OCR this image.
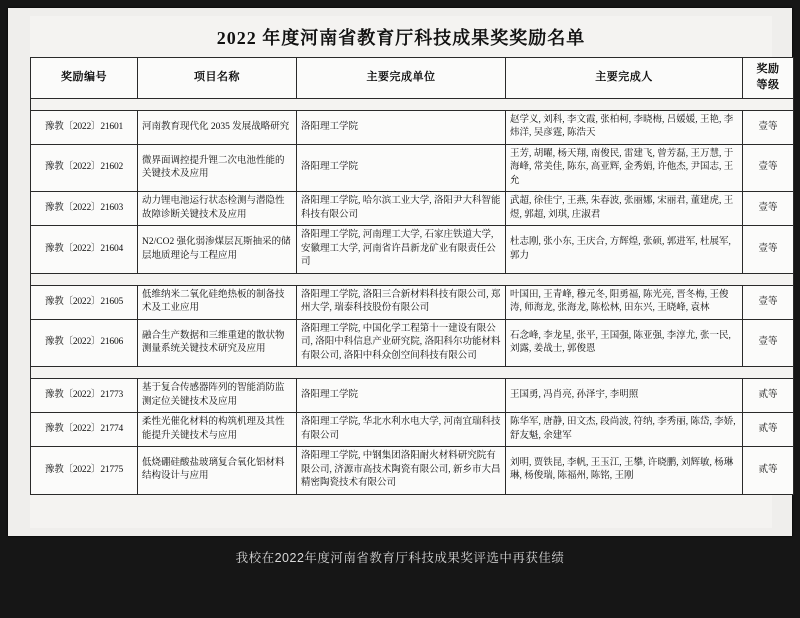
2022 年度河南省教育厅科技成果奖奖励名单
奖励编号	项目名称	主要完成单位	主要完成人	奖励
等级

豫教〔2022〕21601	河南教育现代化 2035 发展战略研究	洛阳理工学院	赵学义, 刘科, 李文霞, 张柏柯, 李晓梅, 吕媛媛, 王艳, 李炜洋, 吴彦霆, 陈浩天	壹等
豫教〔2022〕21602	微界面调控提升锂二次电池性能的关键技术及应用	洛阳理工学院	王芳, 胡曜, 杨天翔, 南俊民, 雷建飞, 曾芳磊, 王万慧, 于海峰, 常美佳, 陈东, 高亚辉, 金秀娟, 许他杰, 尹国志, 王允	壹等
豫教〔2022〕21603	动力锂电池运行状态检测与潜隐性故障诊断关键技术及应用	洛阳理工学院, 哈尔滨工业大学, 洛阳尹大科智能科技有限公司	武超, 徐佳宁, 王燕, 朱春波, 张丽娜, 宋丽君, 董建虎, 王煜, 郭超, 刘琪, 庄淑君	壹等
豫教〔2022〕21604	N2/CO2 强化弱渗煤层瓦斯抽采的储层地质理论与工程应用	洛阳理工学院, 河南理工大学, 石家庄铁道大学, 安徽理工大学, 河南省许昌新龙矿业有限责任公司	杜志刚, 张小东, 王庆合, 方辉煌, 张硕, 郭进军, 杜展军, 郭力	壹等

豫教〔2022〕21605	低维纳米二氧化硅绝热板的制备技术及工业应用	洛阳理工学院, 洛阳三合新材料科技有限公司, 郑州大学, 瑞泰科技股份有限公司	叶国田, 王青峰, 穆元冬, 阳勇福, 陈光亮, 晋冬梅, 王俊涛, 师海龙, 张海龙, 陈松林, 田东兴, 王晓峰, 袁林	壹等
豫教〔2022〕21606	融合生产数据和三维重建的散状物测量系统关键技术研究及应用	洛阳理工学院, 中国化学工程第十一建设有限公司, 洛阳中科信息产业研究院, 洛阳科尔功能材料有限公司, 洛阳中科众创空间科技有限公司	石念峰, 李龙星, 张平, 王国强, 陈亚强, 李淳尤, 张一民, 刘露, 姜战士, 郭俊恩	壹等

豫教〔2022〕21773	基于复合传感器阵列的智能消防监测定位关键技术及应用	洛阳理工学院	王国勇, 冯肖亮, 孙泽宇, 李明照	贰等
豫教〔2022〕21774	柔性光催化材料的构筑机理及其性能提升关键技术与应用	洛阳理工学院, 华北水利水电大学, 河南宜瑞科技有限公司	陈华军, 唐静, 田文杰, 段尚波, 符纳, 李秀丽, 陈岱, 李娇, 舒友魁, 余建军	贰等
豫教〔2022〕21775	低烧硼硅酸盐玻璃复合氧化铝材料结构设计与应用	洛阳理工学院, 中钢集团洛阳耐火材料研究院有限公司, 济源市高技术陶瓷有限公司, 新乡市大昌精密陶瓷技术有限公司	刘明, 贾铁昆, 李帆, 王玉江, 王攀, 许晓鹏, 刘辉敏, 杨琳琳, 杨俊瑞, 陈福州, 陈铭, 王刚	贰等
我校在2022年度河南省教育厅科技成果奖评选中再获佳绩
